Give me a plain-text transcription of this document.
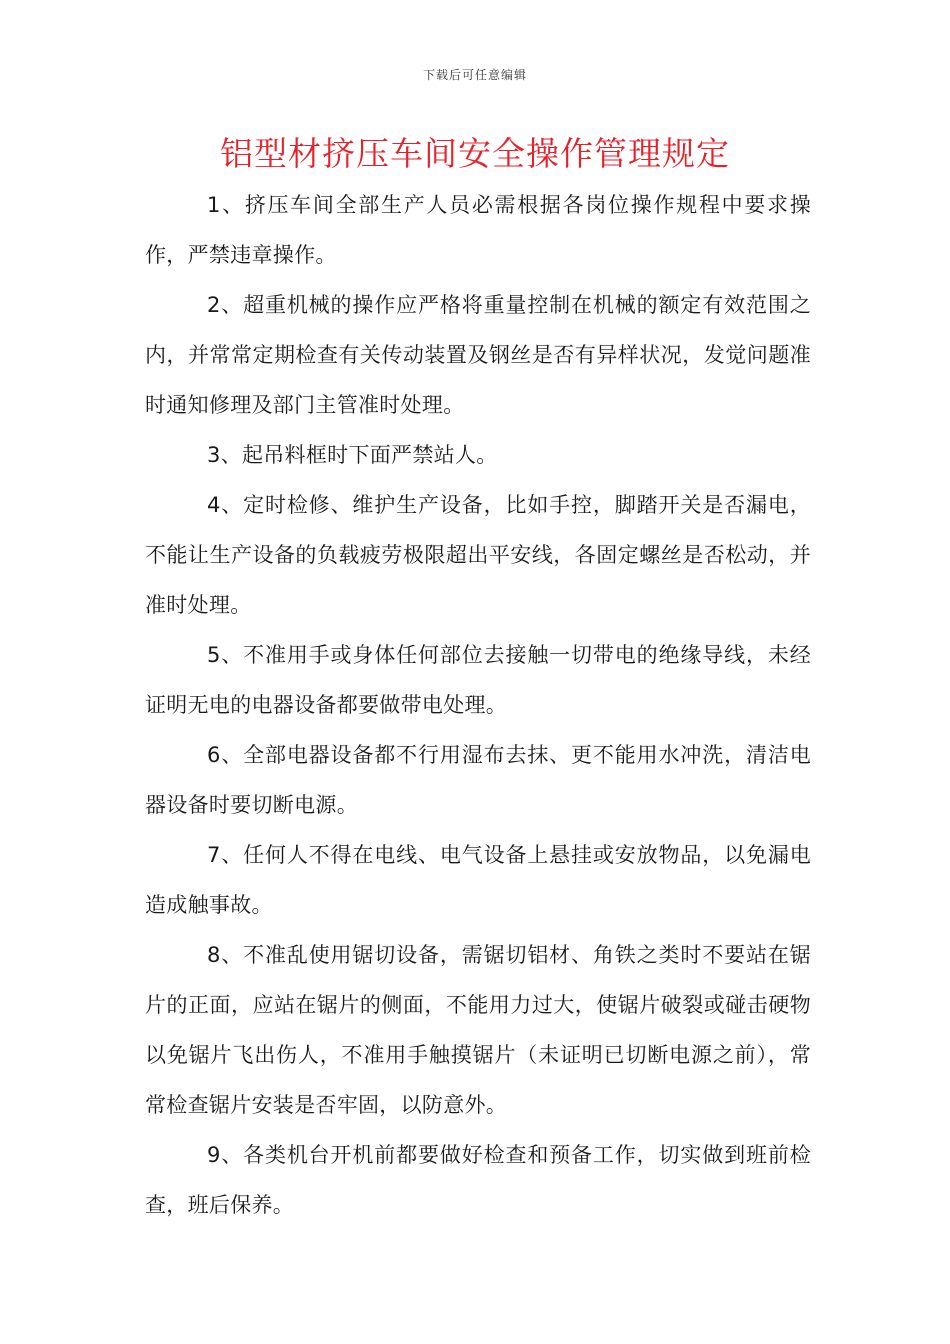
下载后可任意编辑
铝型材挤压车间安全操作管理规定

1、挤压车间全部生产人员必需根据各岗位操作规程中要求操作，严禁违章操作。

2、超重机械的操作应严格将重量控制在机械的额定有效范围之内，并常常定期检查有关传动装置及钢丝是否有异样状况，发觉问题准时通知修理及部门主管准时处理。

3、起吊料框时下面严禁站人。

4、定时检修、维护生产设备，比如手控，脚踏开关是否漏电，不能让生产设备的负载疲劳极限超出平安线，各固定螺丝是否松动，并准时处理。

5、不准用手或身体任何部位去接触一切带电的绝缘导线，未经证明无电的电器设备都要做带电处理。

6、全部电器设备都不行用湿布去抹、更不能用水冲洗，清洁电器设备时要切断电源。

7、任何人不得在电线、电气设备上悬挂或安放物品，以免漏电造成触事故。

8、不准乱使用锯切设备，需锯切铝材、角铁之类时不要站在锯片的正面，应站在锯片的侧面，不能用力过大，使锯片破裂或碰击硬物以免锯片飞出伤人，不准用手触摸锯片（未证明已切断电源之前），常常检查锯片安装是否牢固，以防意外。

9、各类机台开机前都要做好检查和预备工作，切实做到班前检查，班后保养。
